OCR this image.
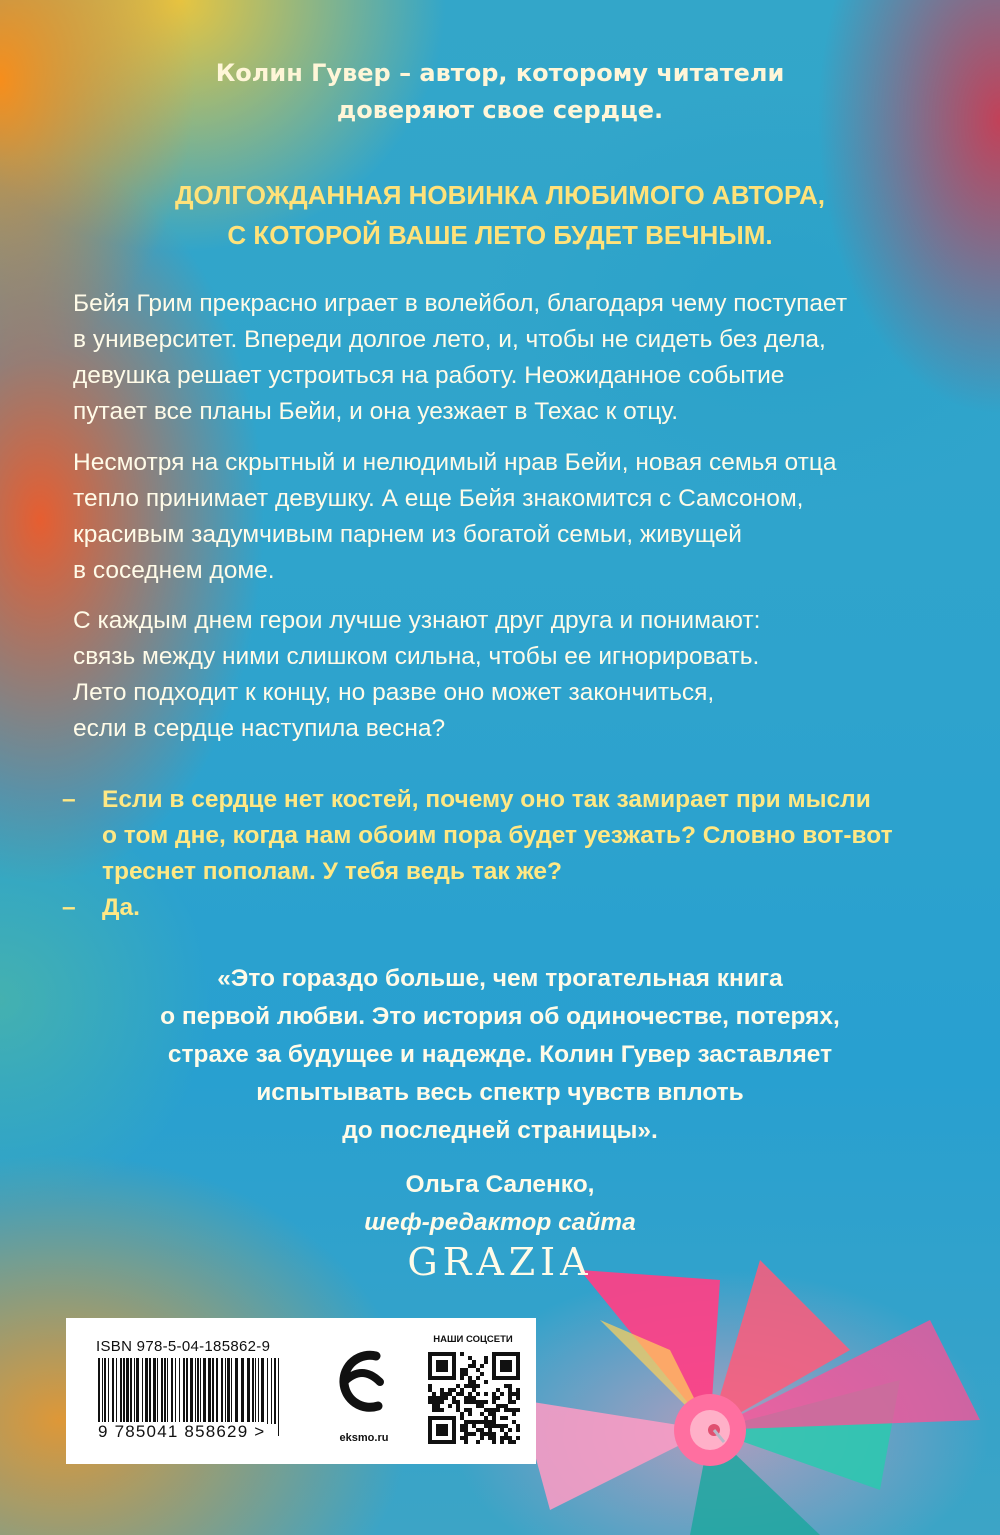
Колин Гувер – автор, которому читатели
доверяют свое сердце.
ДОЛГОЖДАННАЯ НОВИНКА ЛЮБИМОГО АВТОРА,
С КОТОРОЙ ВАШЕ ЛЕТО БУДЕТ ВЕЧНЫМ.
Бейя Грим прекрасно играет в волейбол, благодаря чему поступает
в университет. Впереди долгое лето, и, чтобы не сидеть без дела,
девушка решает устроиться на работу. Неожиданное событие
путает все планы Бейи, и она уезжает в Техас к отцу.
Несмотря на скрытный и нелюдимый нрав Бейи, новая семья отца
тепло принимает девушку. А еще Бейя знакомится с Самсоном,
красивым задумчивым парнем из богатой семьи, живущей
в соседнем доме.
С каждым днем герои лучше узнают друг друга и понимают:
связь между ними слишком сильна, чтобы ее игнорировать.
Лето подходит к концу, но разве оно может закончиться,
если в сердце наступила весна?
– Если в сердце нет костей, почему оно так замирает при мысли
о том дне, когда нам обоим пора будет уезжать? Словно вот-вот
треснет пополам. У тебя ведь так же?
– Да.
«Это гораздо больше, чем трогательная книга
о первой любви. Это история об одиночестве, потерях,
страхе за будущее и надежде. Колин Гувер заставляет
испытывать весь спектр чувств вплоть
до последней страницы».
Ольга Саленко,
шеф-редактор сайта
GRAZIA
ISBN 978-5-04-185862-9
9 785041 858629 >	eksmo.ru
НАШИ СОЦСЕТИ
